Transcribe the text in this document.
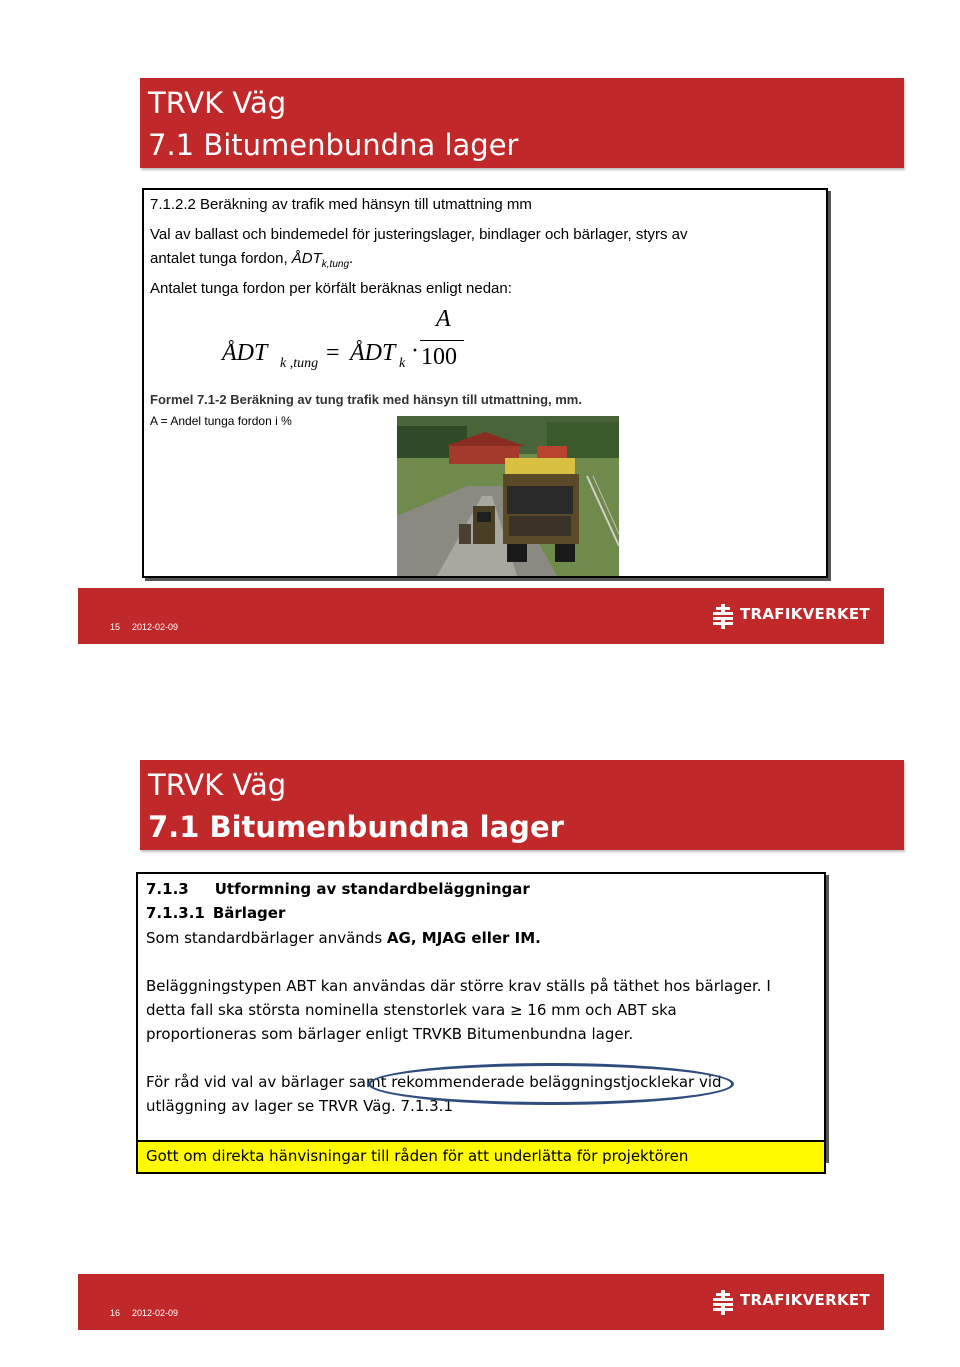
TRVK Väg
7.1 Bitumenbundna lager
7.1.2.2 Beräkning av trafik med hänsyn till utmattning mm
Val av ballast och bindemedel för justeringslager, bindlager och bärlager, styrs av
antalet tunga fordon, $ÅDT_{k,tung}$.
Antalet tunga fordon per körfält beräknas enligt nedan:
ÅDT k ,tung = ÅDT k ·
A
100
Formel 7.1-2 Beräkning av tung trafik med hänsyn till utmattning, mm.
A = Andel tunga fordon i %
15 2012-02-09
TRAFIKVERKET
TRVK Väg
7.1 Bitumenbundna lager
7.1.3 Utformning av standardbeläggningar
7.1.3.1 Bärlager
Som standardbärlager används AG, MJAG eller IM.
Beläggningstypen ABT kan användas där större krav ställs på täthet hos bärlager. I
detta fall ska största nominella stenstorlek vara ≥ 16 mm och ABT ska
proportioneras som bärlager enligt TRVKB Bitumenbundna lager.
För råd vid val av bärlager samt rekommenderade beläggningstjocklekar vid
utläggning av lager se TRVR Väg. 7.1.3.1
Gott om direkta hänvisningar till råden för att underlätta för projektören
16 2012-02-09
TRAFIKVERKET
